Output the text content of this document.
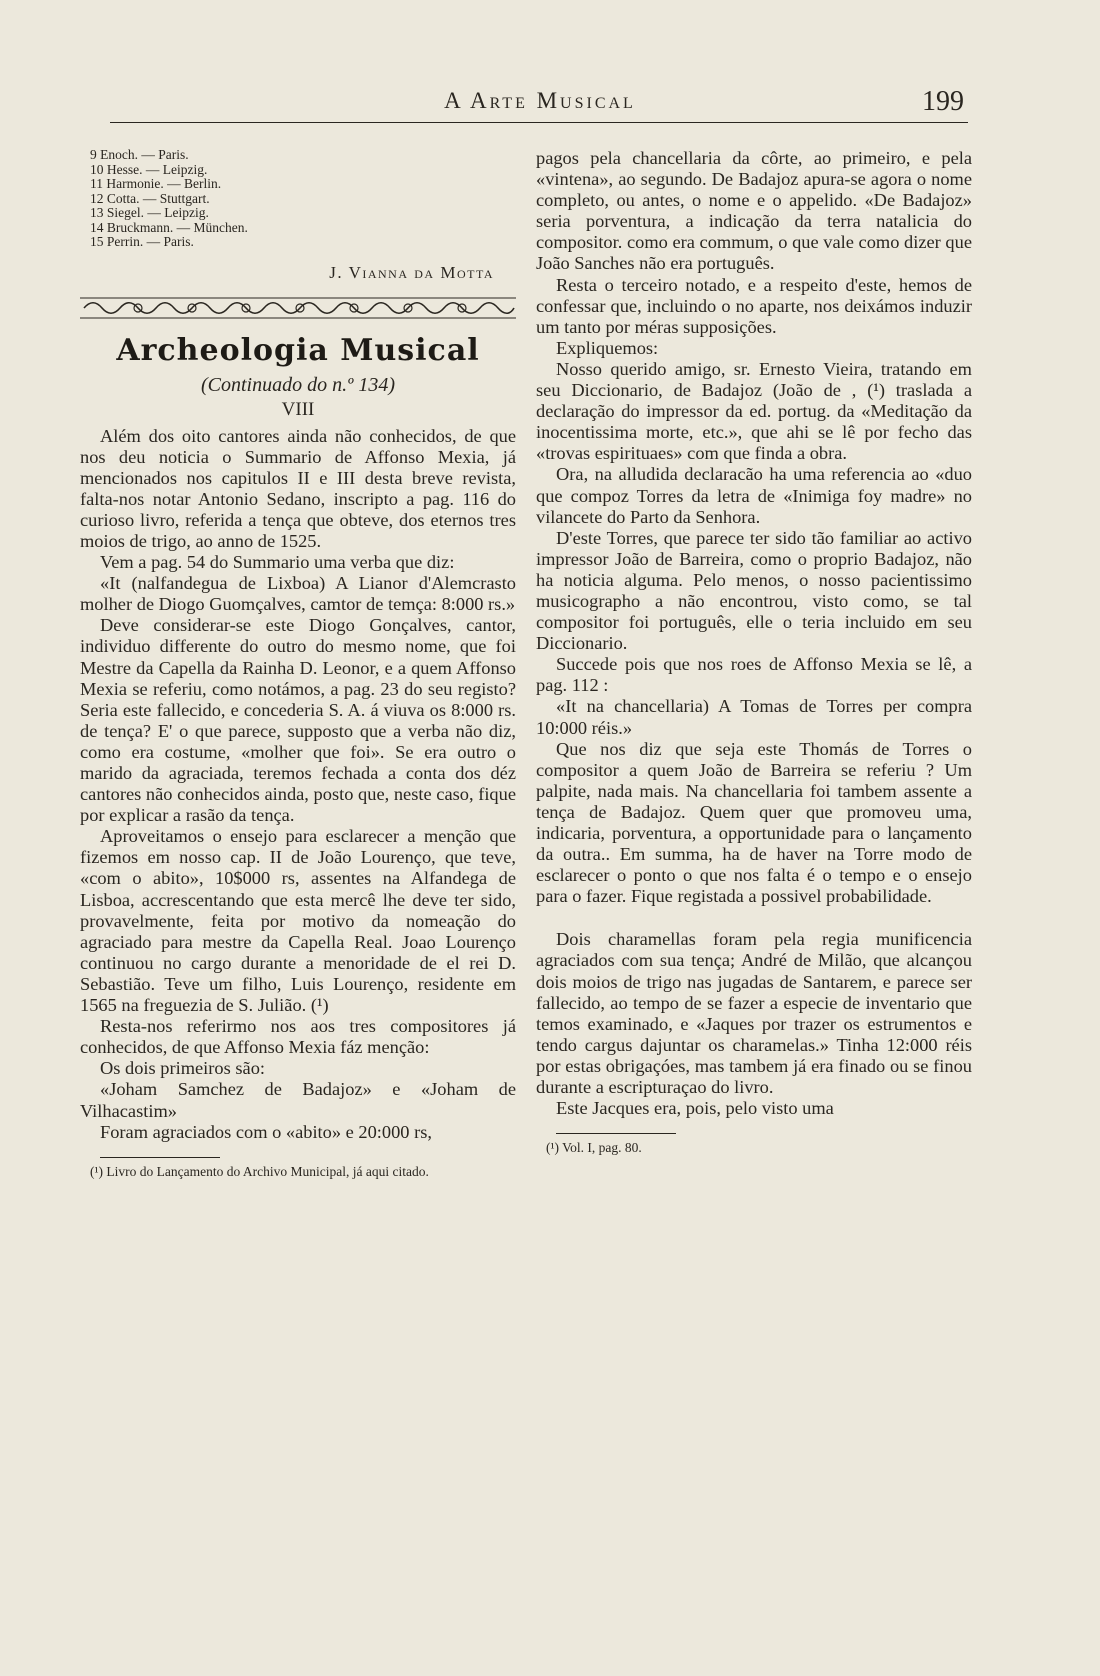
A Arte Musical	199
9 Enoch. — Paris.
10 Hesse. — Leipzig.
11 Harmonie. — Berlin.
12 Cotta. — Stuttgart.
13 Siegel. — Leipzig.
14 Bruckmann. — München.
15 Perrin. — Paris.
J. Vianna da Motta
Archeologia Musical
(Continuado do n.º 134)
VIII

Além dos oito cantores ainda não conhecidos, de que nos deu noticia o Summario de Affonso Mexia, já mencionados nos capitulos II e III desta breve revista, falta-nos notar Antonio Sedano, inscripto a pag. 116 do curioso livro, referida a tença que obteve, dos eternos tres moios de trigo, ao anno de 1525.

Vem a pag. 54 do Summario uma verba que diz:

«It (nalfandegua de Lixboa) A Lianor d'Alemcrasto molher de Diogo Guomçalves, camtor de temça: 8:000 rs.»

Deve considerar-se este Diogo Gonçalves, cantor, individuo differente do outro do mesmo nome, que foi Mestre da Capella da Rainha D. Leonor, e a quem Affonso Mexia se referiu, como notámos, a pag. 23 do seu registo? Seria este fallecido, e concederia S. A. á viuva os 8:000 rs. de tença? E' o que parece, supposto que a verba não diz, como era costume, «molher que foi». Se era outro o marido da agraciada, teremos fechada a conta dos déz cantores não conhecidos ainda, posto que, neste caso, fique por explicar a rasão da tença.

Aproveitamos o ensejo para esclarecer a menção que fizemos em nosso cap. II de João Lourenço, que teve, «com o abito», 10$000 rs, assentes na Alfandega de Lisboa, accrescentando que esta mercê lhe deve ter sido, provavelmente, feita por motivo da nomeação do agraciado para mestre da Capella Real. Joao Lourenço continuou no cargo durante a menoridade de el rei D. Sebastião. Teve um filho, Luis Lourenço, residente em 1565 na freguezia de S. Julião. (¹)

Resta-nos referirmo nos aos tres compositores já conhecidos, de que Affonso Mexia fáz menção:

Os dois primeiros são:

«Joham Samchez de Badajoz» e «Joham de Vilhacastim»

Foram agraciados com o «abito» e 20:000 rs,

(¹) Livro do Lançamento do Archivo Municipal, já aqui citado.

pagos pela chancellaria da côrte, ao primeiro, e pela «vintena», ao segundo. De Badajoz apura-se agora o nome completo, ou antes, o nome e o appelido. «De Badajoz» seria porventura, a indicação da terra natalicia do compositor. como era commum, o que vale como dizer que João Sanches não era português.

Resta o terceiro notado, e a respeito d'este, hemos de confessar que, incluindo o no aparte, nos deixámos induzir um tanto por méras supposições.

Expliquemos:

Nosso querido amigo, sr. Ernesto Vieira, tratando em seu Diccionario, de Badajoz (João de , (¹) traslada a declaração do impressor da ed. portug. da «Meditação da inocentissima morte, etc.», que ahi se lê por fecho das «trovas espirituaes» com que finda a obra.

Ora, na alludida declaracão ha uma referencia ao «duo que compoz Torres da letra de «Inimiga foy madre» no vilancete do Parto da Senhora.

D'este Torres, que parece ter sido tão familiar ao activo impressor João de Barreira, como o proprio Badajoz, não ha noticia alguma. Pelo menos, o nosso pacientissimo musicographo a não encontrou, visto como, se tal compositor foi português, elle o teria incluido em seu Diccionario.

Succede pois que nos roes de Affonso Mexia se lê, a pag. 112 :

«It na chancellaria) A Tomas de Torres per compra 10:000 réis.»

Que nos diz que seja este Thomás de Torres o compositor a quem João de Barreira se referiu ? Um palpite, nada mais. Na chancellaria foi tambem assente a tença de Badajoz. Quem quer que promoveu uma, indicaria, porventura, a opportunidade para o lançamento da outra.. Em summa, ha de haver na Torre modo de esclarecer o ponto o que nos falta é o tempo e o ensejo para o fazer. Fique registada a possivel probabilidade.

Dois charamellas foram pela regia munificencia agraciados com sua tença; André de Milão, que alcançou dois moios de trigo nas jugadas de Santarem, e parece ser fallecido, ao tempo de se fazer a especie de inventario que temos examinado, e «Jaques por trazer os estrumentos e tendo cargus dajuntar os charamelas.» Tinha 12:000 réis por estas obrigaçóes, mas tambem já era finado ou se finou durante a escripturaçao do livro.

Este Jacques era, pois, pelo visto uma

(¹) Vol. I, pag. 80.
